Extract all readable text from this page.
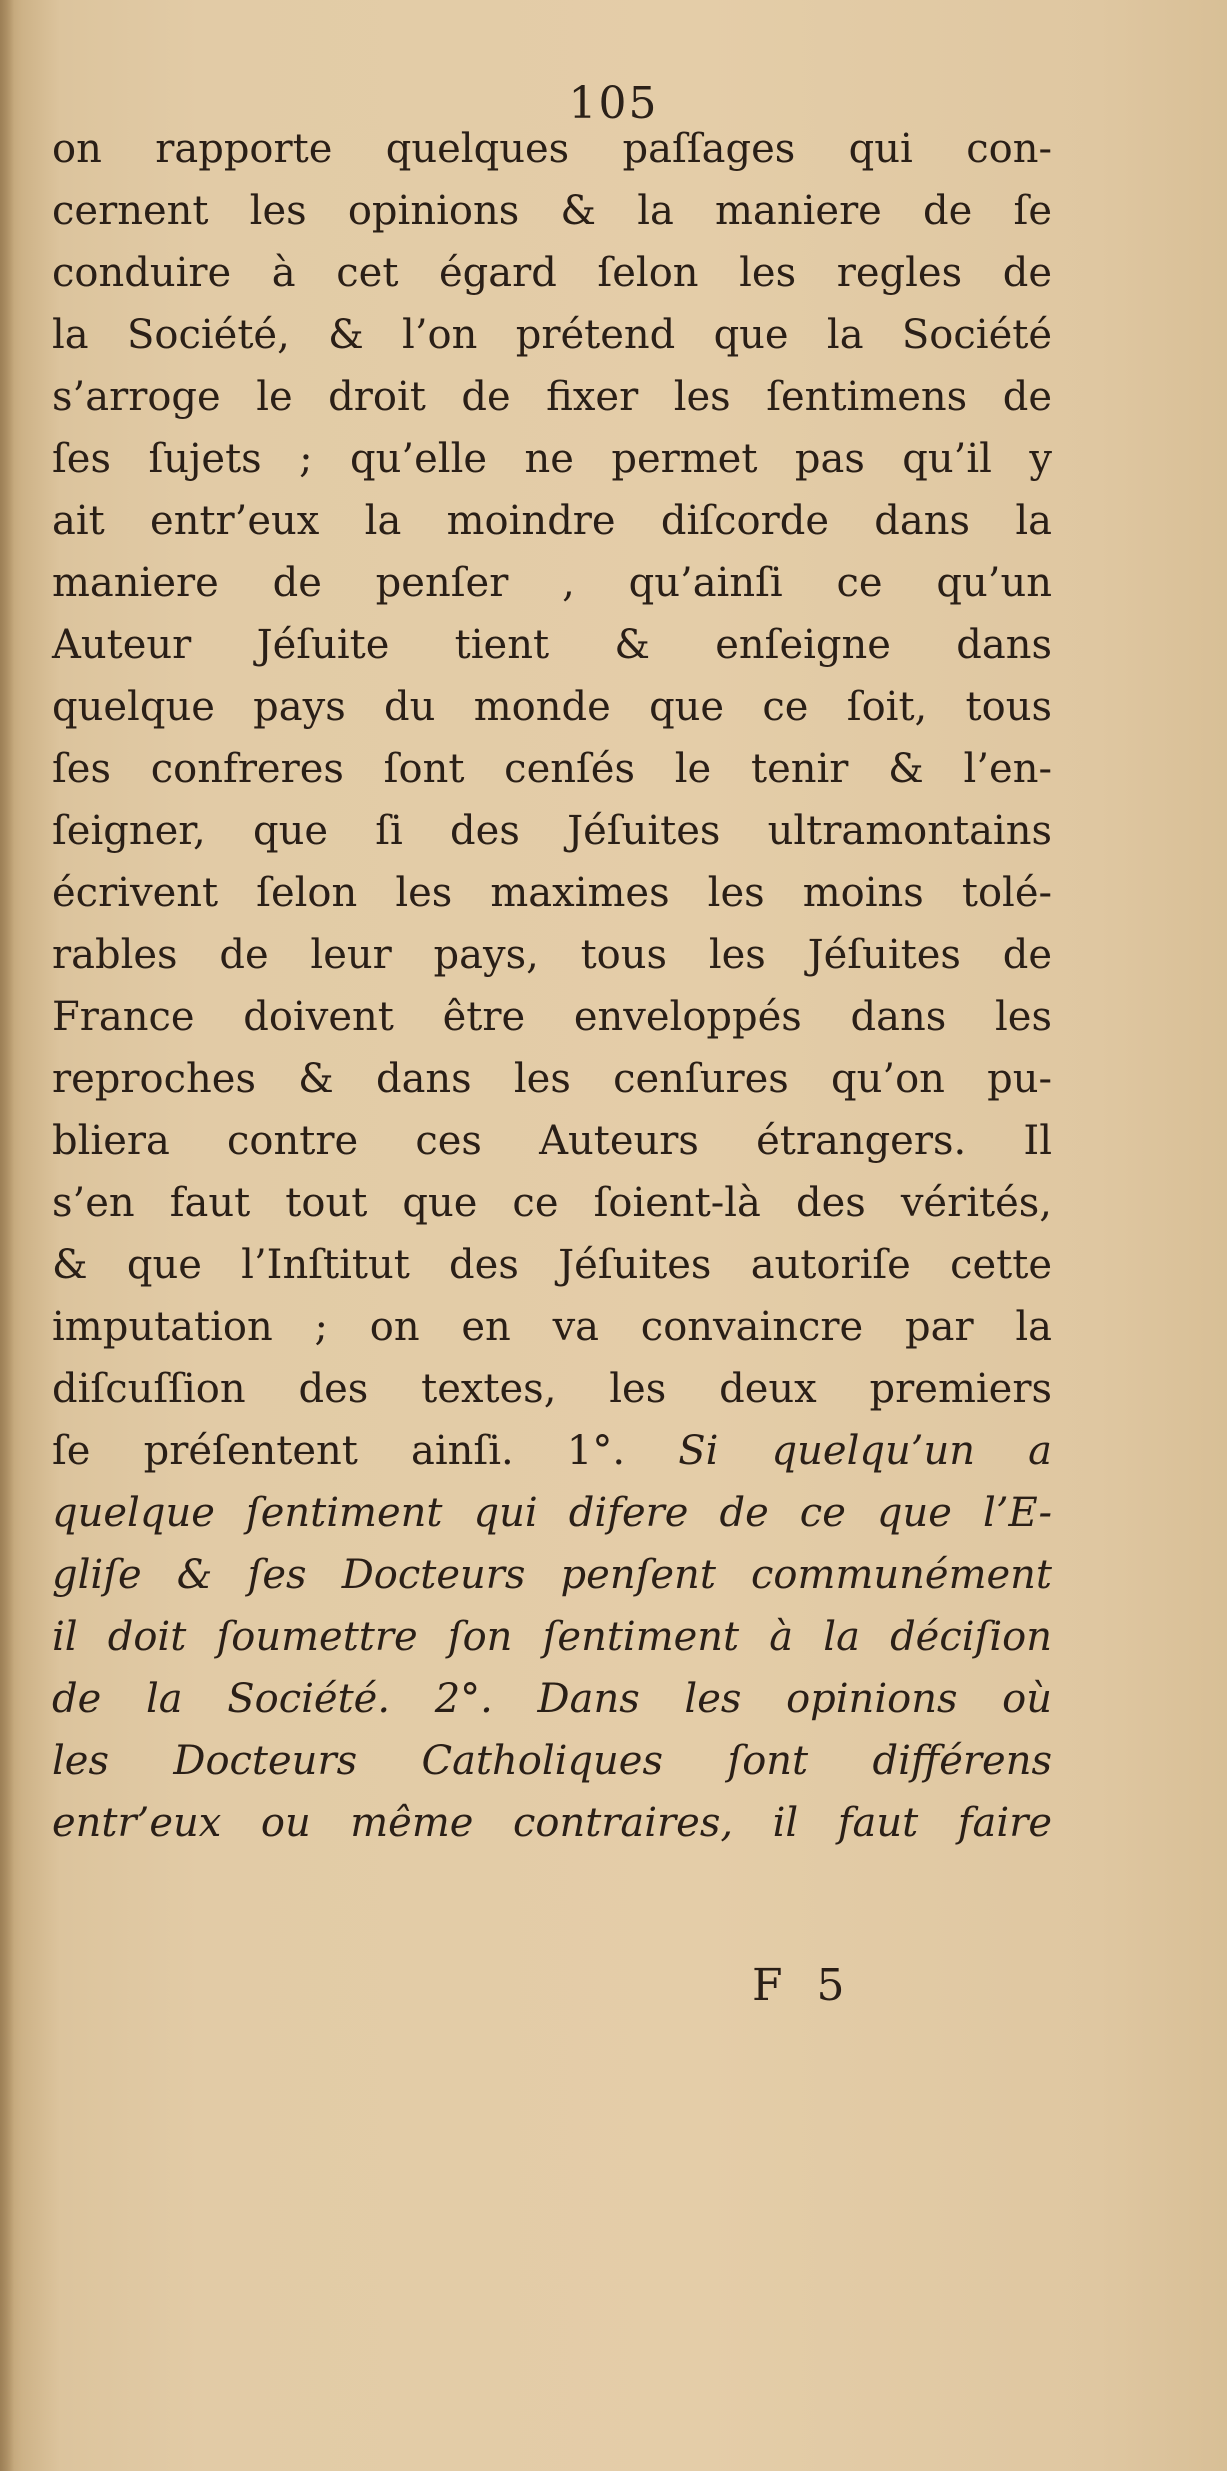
105
on rapporte quelques paſſages qui con-
cernent les opinions & la maniere de ſe
conduire à cet égard ſelon les regles de
la Société, & l’on prétend que la Société
s’arroge le droit de fixer les ſentimens de
ſes ſujets ; qu’elle ne permet pas qu’il y
ait entr’eux la moindre diſcorde dans la
maniere de penſer , qu’ainſi ce qu’un
Auteur Jéſuite tient & enſeigne dans
quelque pays du monde que ce ſoit, tous
ſes confreres ſont cenſés le tenir & l’en-
ſeigner, que ſi des Jéſuites ultramontains
écrivent ſelon les maximes les moins tolé-
rables de leur pays, tous les Jéſuites de
France doivent être enveloppés dans les
reproches & dans les cenſures qu’on pu-
bliera contre ces Auteurs étrangers. Il
s’en faut tout que ce ſoient-là des vérités,
& que l’Inſtitut des Jéſuites autoriſe cette
imputation ; on en va convaincre par la
diſcuſſion des textes, les deux premiers
ſe préſentent ainſi. 1°. Si quelqu’un a
quelque ſentiment qui difere de ce que l’E-
gliſe & ſes Docteurs penſent communément
il doit ſoumettre ſon ſentiment à la déciſion
de la Société. 2°. Dans les opinions où
les Docteurs Catholiques ſont différens
entr’eux ou même contraires, il faut faire
F 5
